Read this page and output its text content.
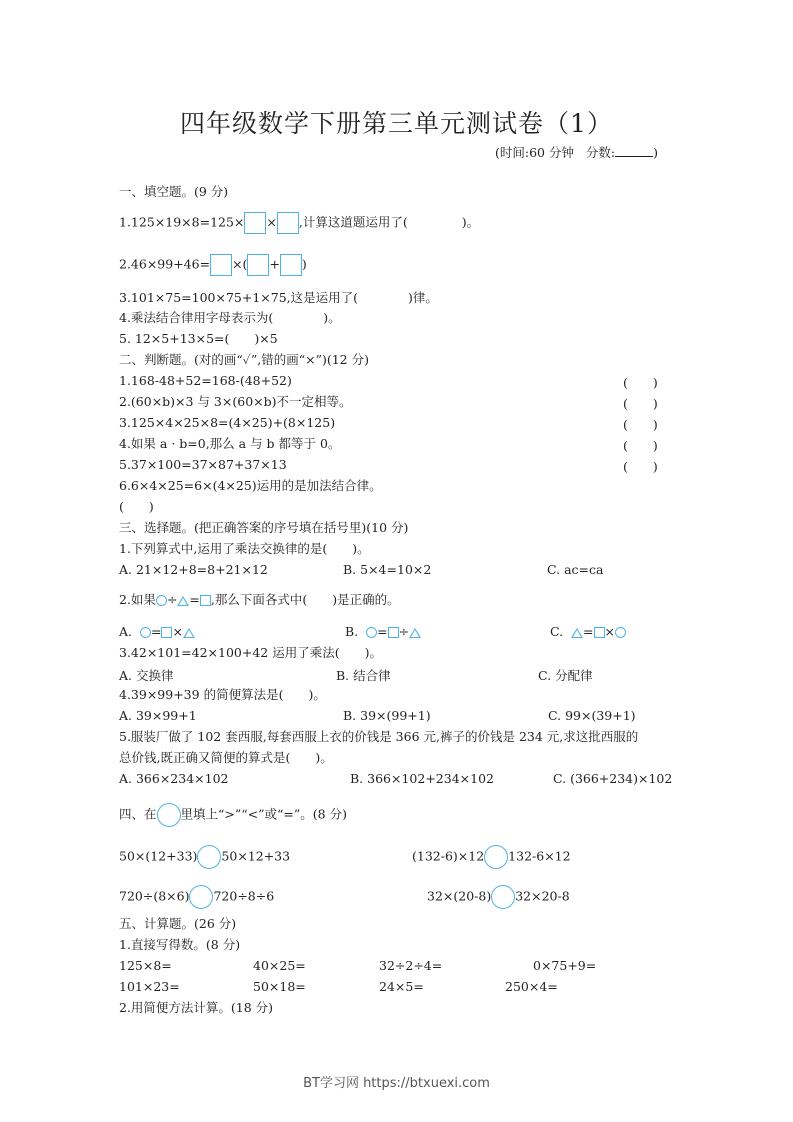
四年级数学下册第三单元测试卷（1）
(时间:60 分钟 分数:	)
一、填空题。(9 分)
1.125×19×8=125× × ,计算这道题运用了(	)。
2.46×99+46= ×( + )
3.101×75=100×75+1×75,这是运用了(　　　　)律。
4.乘法结合律用字母表示为(　　　　)。
5. 12×5+13×5=(　　)×5
二、判断题。(对的画“✓”,错的画“×”)(12 分)
1.168-48+52=168-(48+52)	(　　)
2.(60×b)×3 与 3×(60×b)不一定相等。	(　　)
3.125×4×25×8=(4×25)+(8×125)	(　　)
4.如果 a · b=0,那么 a 与 b 都等于 0。	(　　)
5.37×100=37×87+37×13	(　　)
6.6×4×25=6×(4×25)运用的是加法结合律。
(　　)
三、选择题。(把正确答案的序号填在括号里)(10 分)
1.下列算式中,运用了乘法交换律的是(　　)。
A. 21×12+8=8+21×12	B. 5×4=10×2	C. ac=ca
2.如果 ÷ = ,那么下面各式中(　　)是正确的。
A. = ×	B. = ÷	C. = ×
3.42×101=42×100+42 运用了乘法(　　)。
A. 交换律	B. 结合律	C. 分配律
4.39×99+39 的简便算法是(　　)。
A. 39×99+1	B. 39×(99+1)	C. 99×(39+1)
5.服装厂做了 102 套西服,每套西服上衣的价钱是 366 元,裤子的价钱是 234 元,求这批西服的
总价钱,既正确又简便的算式是(　　)。
A. 366×234×102	B. 366×102+234×102	C. (366+234)×102
四、在 里填上“>”“<”或“=”。(8 分)
50×(12+33) 50×12+33	(132-6)×12 132-6×12
720÷(8×6) 720÷8÷6	32×(20-8) 32×20-8
五、计算题。(26 分)
1.直接写得数。(8 分)
125×8=	40×25=	32÷2÷4=	0×75+9=
101×23=	50×18=	24×5=	250×4=
2.用简便方法计算。(18 分)
BT学习网 https://btxuexi.com
